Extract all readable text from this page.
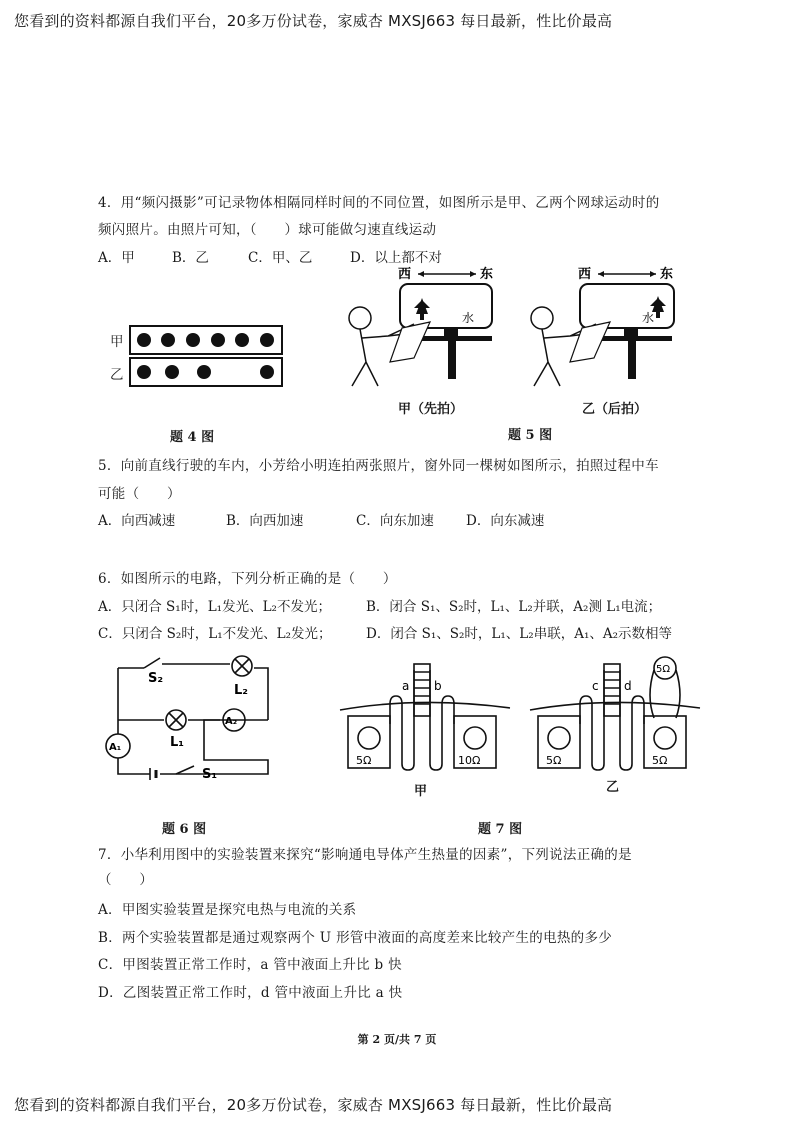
您看到的资料都源自我们平台，20多万份试卷，家威杏 MXSJ663 每日最新，性比价最高
4．用“频闪摄影”可记录物体相隔同样时间的不同位置，如图所示是甲、乙两个网球运动时的
频闪照片。由照片可知，（　　）球可能做匀速直线运动
A．甲	B．乙	C．甲、乙	D．以上都不对
甲
乙
题 4 图
西	东
水
西	东
水
甲（先拍）	乙（后拍）
题 5 图
5．向前直线行驶的车内，小芳给小明连拍两张照片，窗外同一棵树如图所示，拍照过程中车
可能（　　）
A．向西减速	B．向西加速	C．向东加速 D．向东减速
6．如图所示的电路，下列分析正确的是（　　）
A．只闭合 S₁时，L₁发光、L₂不发光；	B．闭合 S₁、S₂时，L₁、L₂并联，A₂测 L₁电流；
C．只闭合 S₂时，L₁不发光、L₂发光；	D．闭合 S₁、S₂时，L₁、L₂串联，A₁、A₂示数相等
S₂
L₂
L₁
A₂
A₁
S₁
题 6 图
a b
5Ω	10Ω
c d
5Ω	5Ω
5Ω
甲	乙
题 7 图
7．小华利用图中的实验装置来探究“影响通电导体产生热量的因素”，下列说法正确的是
（　　）
A．甲图实验装置是探究电热与电流的关系
B．两个实验装置都是通过观察两个 U 形管中液面的高度差来比较产生的电热的多少
C．甲图装置正常工作时，a 管中液面上升比 b 快
D．乙图装置正常工作时，d 管中液面上升比 a 快
第 2 页/共 7 页
您看到的资料都源自我们平台，20多万份试卷，家威杏 MXSJ663 每日最新，性比价最高
